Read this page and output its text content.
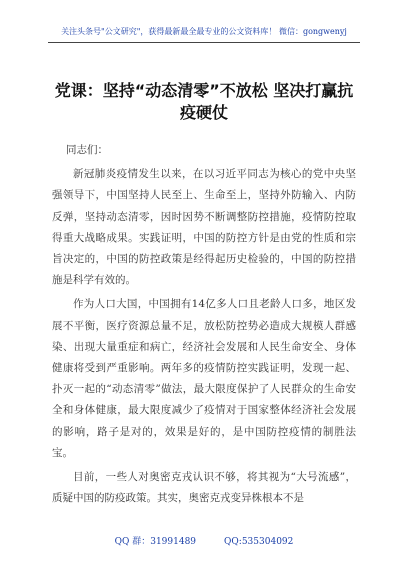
关注头条号"公文研究"，获得最新最全最专业的公文资料库！ 微信：gongwenyj
党课：坚持“动态清零”不放松 坚决打赢抗疫硬仗

同志们：

新冠肺炎疫情发生以来，在以习近平同志为核心的党中央坚强领导下，中国坚持人民至上、生命至上，坚持外防输入、内防反弹，坚持动态清零，因时因势不断调整防控措施，疫情防控取得重大战略成果。实践证明，中国的防控方针是由党的性质和宗旨决定的，中国的防控政策是经得起历史检验的，中国的防控措施是科学有效的。

作为人口大国，中国拥有14亿多人口且老龄人口多，地区发展不平衡，医疗资源总量不足，放松防控势必造成大规模人群感染、出现大量重症和病亡，经济社会发展和人民生命安全、身体健康将受到严重影响。两年多的疫情防控实践证明，发现一起、扑灭一起的“动态清零”做法，最大限度保护了人民群众的生命安全和身体健康，最大限度减少了疫情对于国家整体经济社会发展的影响，路子是对的，效果是好的，是中国防控疫情的制胜法宝。

目前，一些人对奥密克戎认识不够，将其视为“大号流感”，质疑中国的防疫政策。其实，奥密克戎变异株根本不是

QQ 群：31991489	QQ:535304092
